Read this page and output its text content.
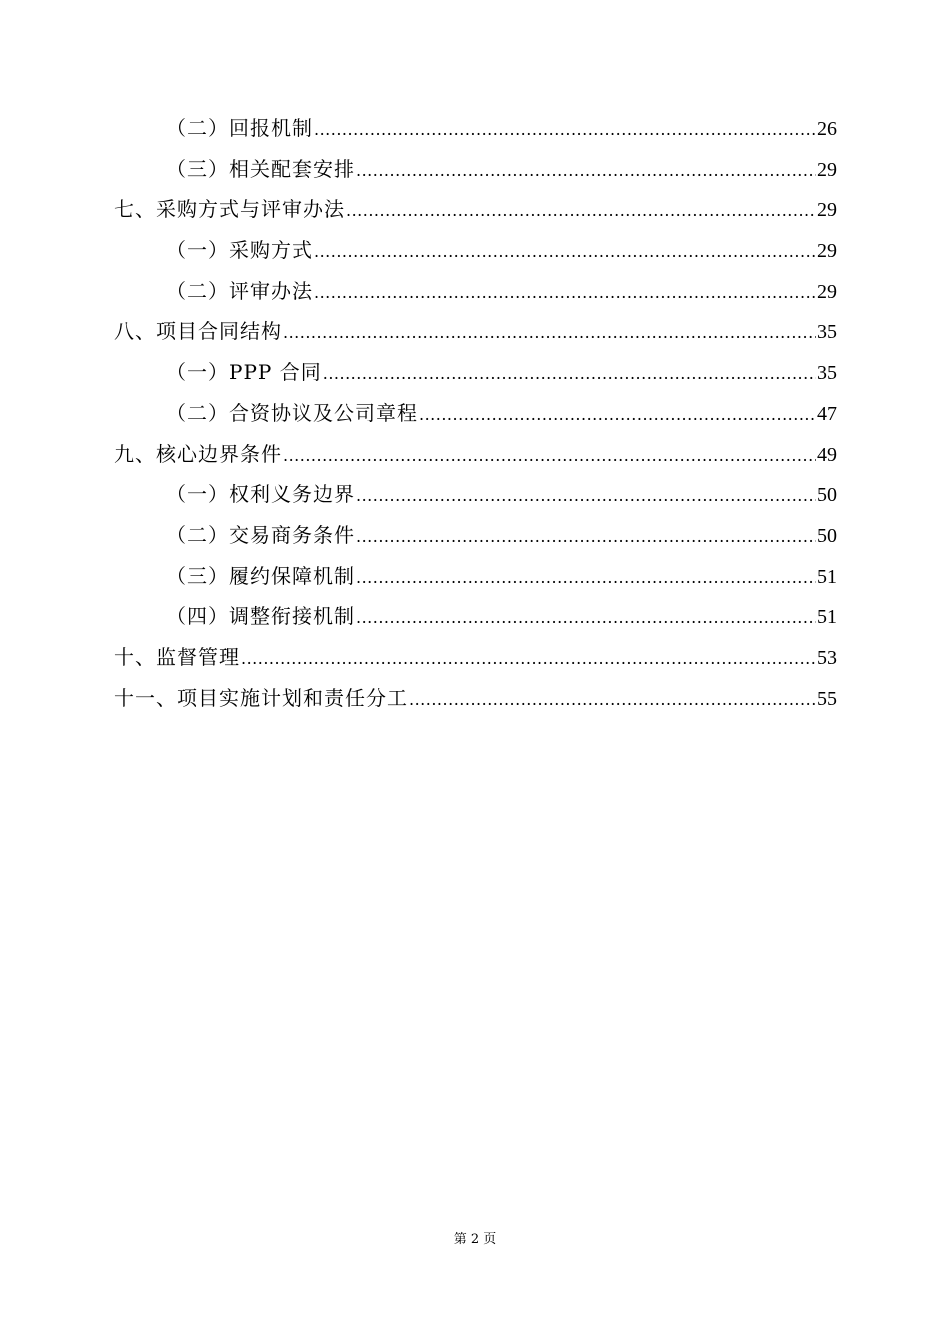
（二）回报机制 .....	26
（三）相关配套安排 .....	29
七、采购方式与评审办法 .....	29
（一）采购方式 .....	29
（二）评审办法 .....	29
八、项目合同结构 .....	35
（一）PPP 合同 .....	35
（二）合资协议及公司章程 .....	47
九、核心边界条件 .....	49
（一）权利义务边界 .....	50
（二）交易商务条件 .....	50
（三）履约保障机制 .....	51
（四）调整衔接机制 .....	51
十、监督管理 .....	53
十一、项目实施计划和责任分工 .....	55
第 2 页
